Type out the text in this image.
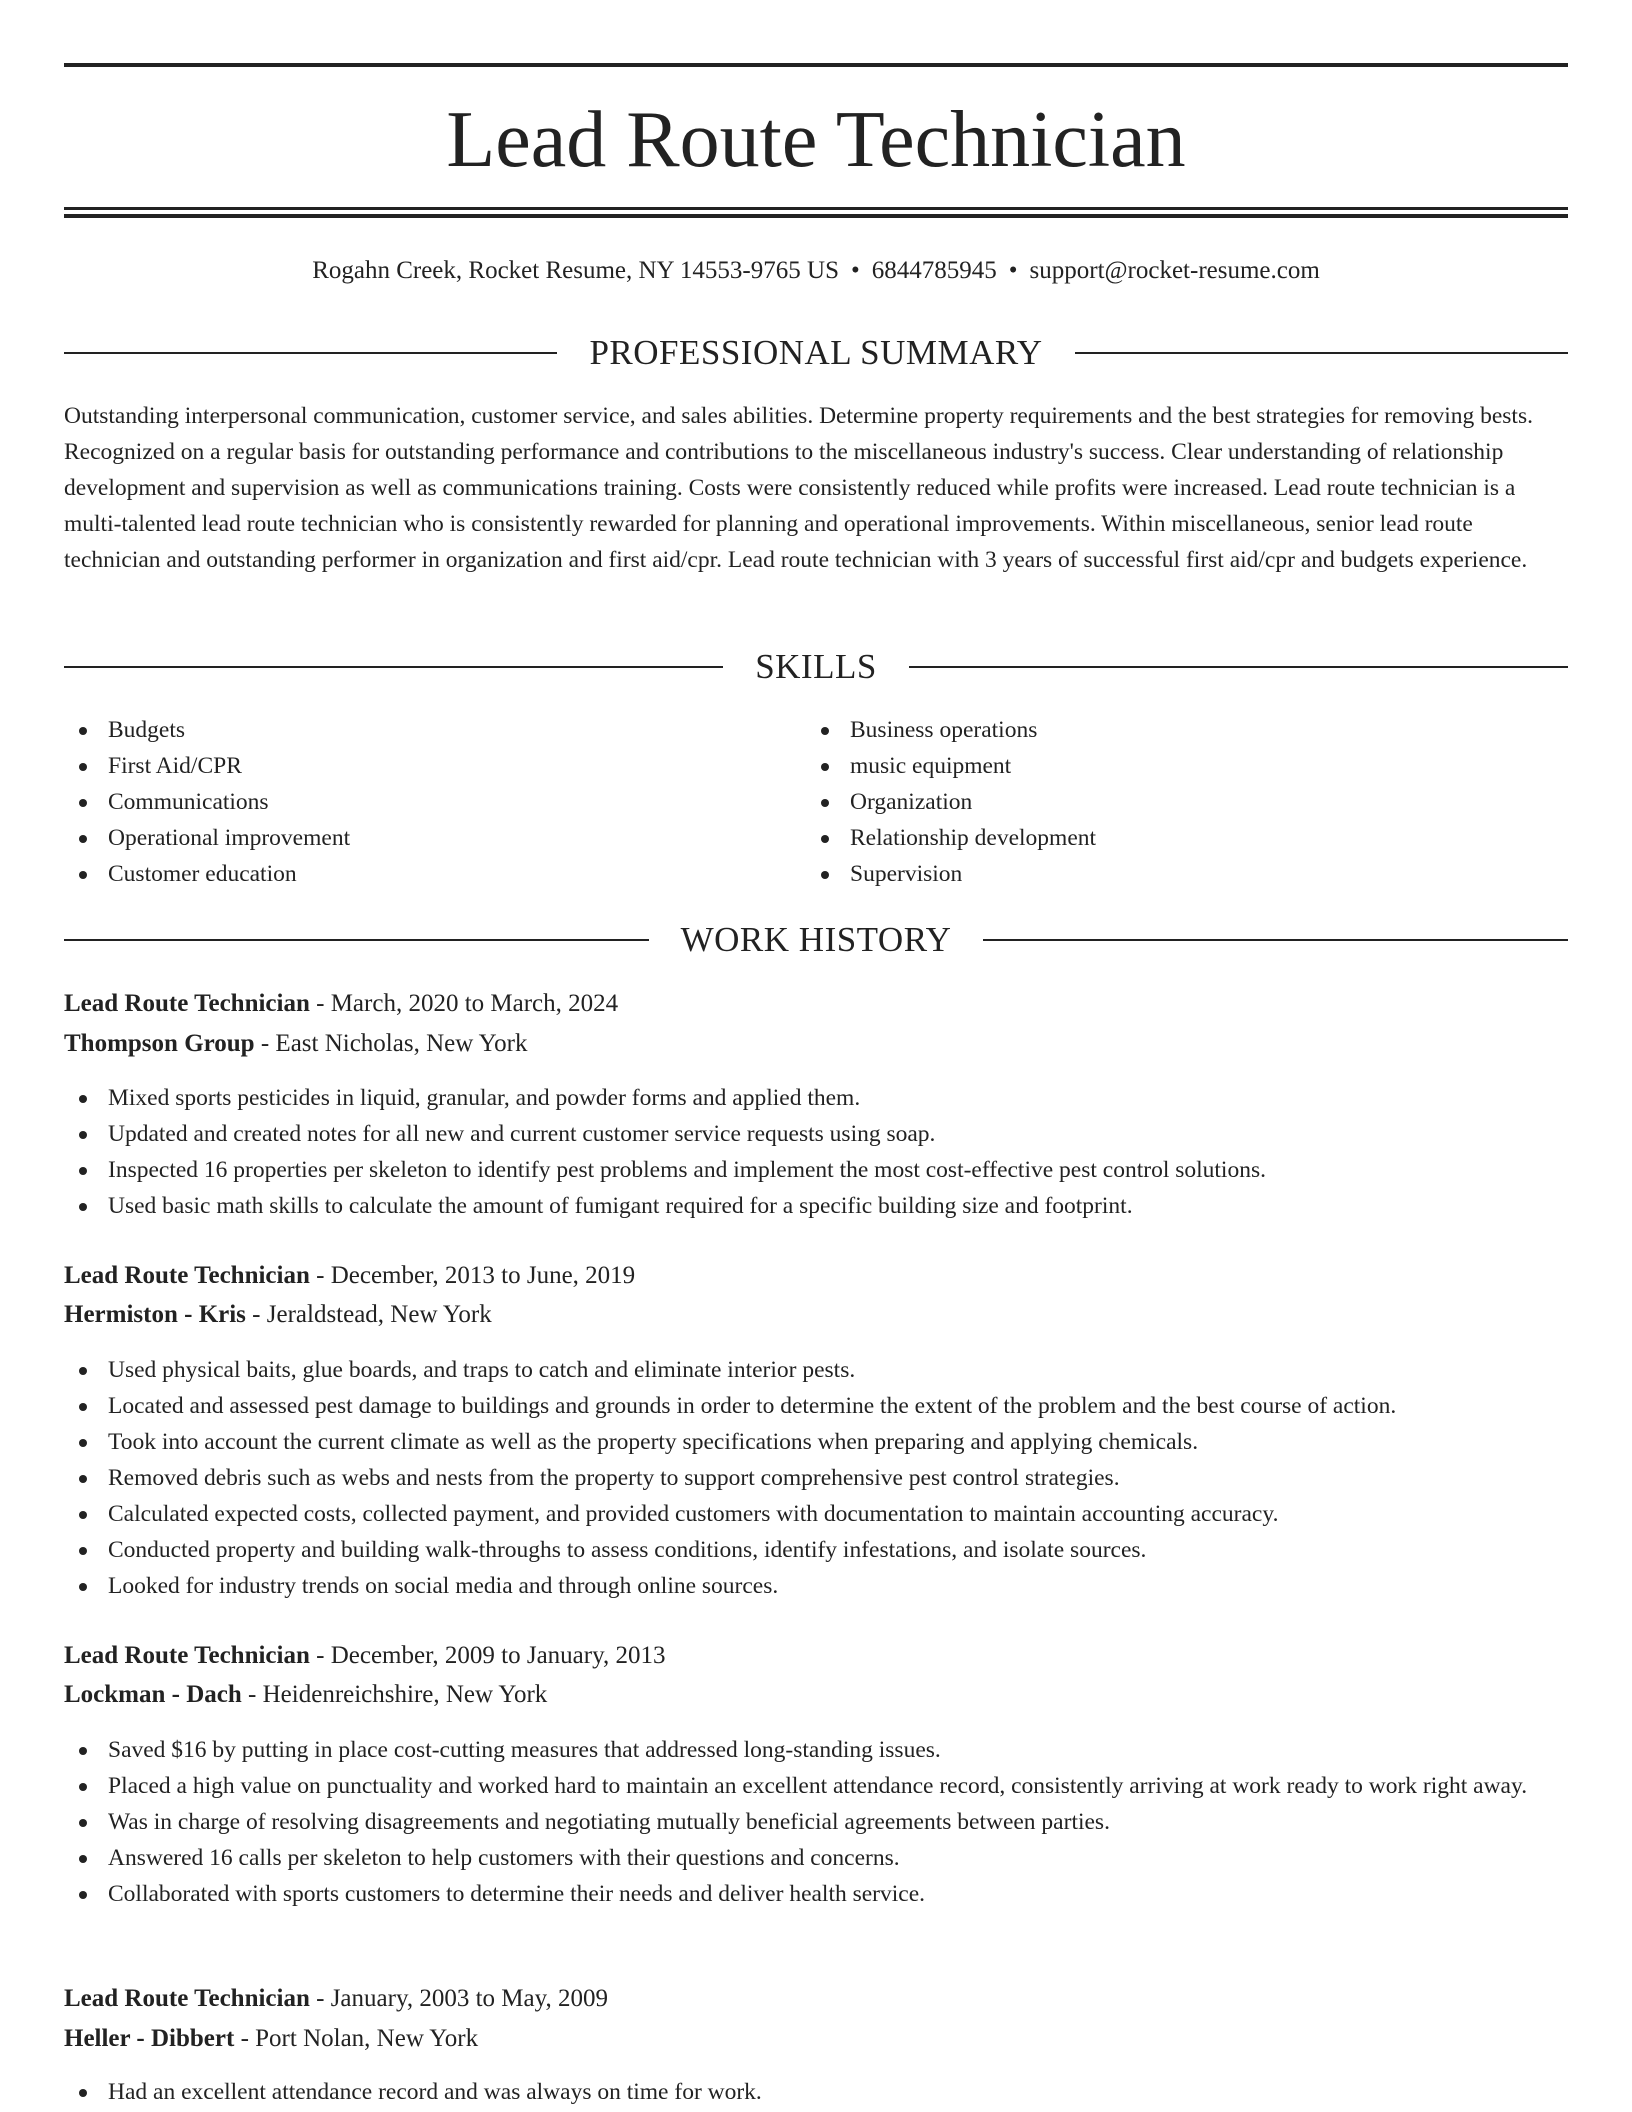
Lead Route Technician
Rogahn Creek, Rocket Resume, NY 14553-9765 US • 6844785945 • support@rocket-resume.com
PROFESSIONAL SUMMARY

Outstanding interpersonal communication, customer service, and sales abilities. Determine property requirements and the best strategies for removing bests. Recognized on a regular basis for outstanding performance and contributions to the miscellaneous industry's success. Clear understanding of relationship development and supervision as well as communications training. Costs were consistently reduced while profits were increased. Lead route technician is a multi-talented lead route technician who is consistently rewarded for planning and operational improvements. Within miscellaneous, senior lead route technician and outstanding performer in organization and first aid/cpr. Lead route technician with 3 years of successful first aid/cpr and budgets experience.

SKILLS
Budgets
First Aid/CPR
Communications
Operational improvement
Customer education
Business operations
music equipment
Organization
Relationship development
Supervision
WORK HISTORY
Lead Route Technician - March, 2020 to March, 2024
Thompson Group - East Nicholas, New York
Mixed sports pesticides in liquid, granular, and powder forms and applied them.
Updated and created notes for all new and current customer service requests using soap.
Inspected 16 properties per skeleton to identify pest problems and implement the most cost-effective pest control solutions.
Used basic math skills to calculate the amount of fumigant required for a specific building size and footprint.
Lead Route Technician - December, 2013 to June, 2019
Hermiston - Kris - Jeraldstead, New York
Used physical baits, glue boards, and traps to catch and eliminate interior pests.
Located and assessed pest damage to buildings and grounds in order to determine the extent of the problem and the best course of action.
Took into account the current climate as well as the property specifications when preparing and applying chemicals.
Removed debris such as webs and nests from the property to support comprehensive pest control strategies.
Calculated expected costs, collected payment, and provided customers with documentation to maintain accounting accuracy.
Conducted property and building walk-throughs to assess conditions, identify infestations, and isolate sources.
Looked for industry trends on social media and through online sources.
Lead Route Technician - December, 2009 to January, 2013
Lockman - Dach - Heidenreichshire, New York
Saved $16 by putting in place cost-cutting measures that addressed long-standing issues.
Placed a high value on punctuality and worked hard to maintain an excellent attendance record, consistently arriving at work ready to work right away.
Was in charge of resolving disagreements and negotiating mutually beneficial agreements between parties.
Answered 16 calls per skeleton to help customers with their questions and concerns.
Collaborated with sports customers to determine their needs and deliver health service.
Lead Route Technician - January, 2003 to May, 2009
Heller - Dibbert - Port Nolan, New York
Had an excellent attendance record and was always on time for work.
